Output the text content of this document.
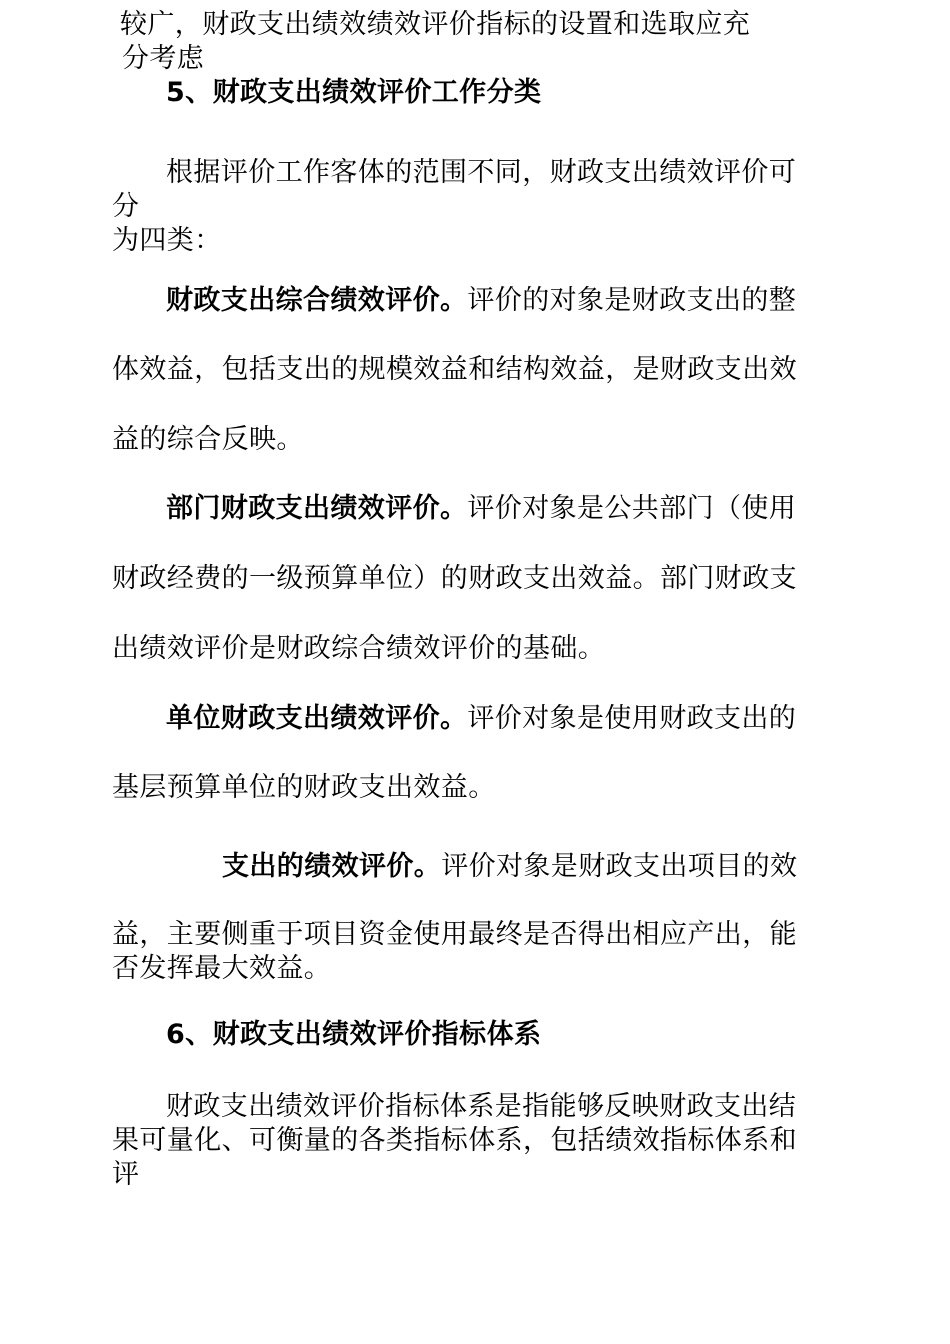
较广，财政支出绩效绩效评价指标的设置和选取应充
分考虑
5、财政支出绩效评价工作分类
根据评价工作客体的范围不同，财政支出绩效评价可
分
为四类：
财政支出综合绩效评价。评价的对象是财政支出的整
体效益，包括支出的规模效益和结构效益，是财政支出效
益的综合反映。
部门财政支出绩效评价。评价对象是公共部门（使用
财政经费的一级预算单位）的财政支出效益。部门财政支
出绩效评价是财政综合绩效评价的基础。
单位财政支出绩效评价。评价对象是使用财政支出的
基层预算单位的财政支出效益。
支出的绩效评价。评价对象是财政支出项目的效
益，主要侧重于项目资金使用最终是否得出相应产出，能
否发挥最大效益。
6、财政支出绩效评价指标体系
财政支出绩效评价指标体系是指能够反映财政支出结
果可量化、可衡量的各类指标体系，包括绩效指标体系和
评
